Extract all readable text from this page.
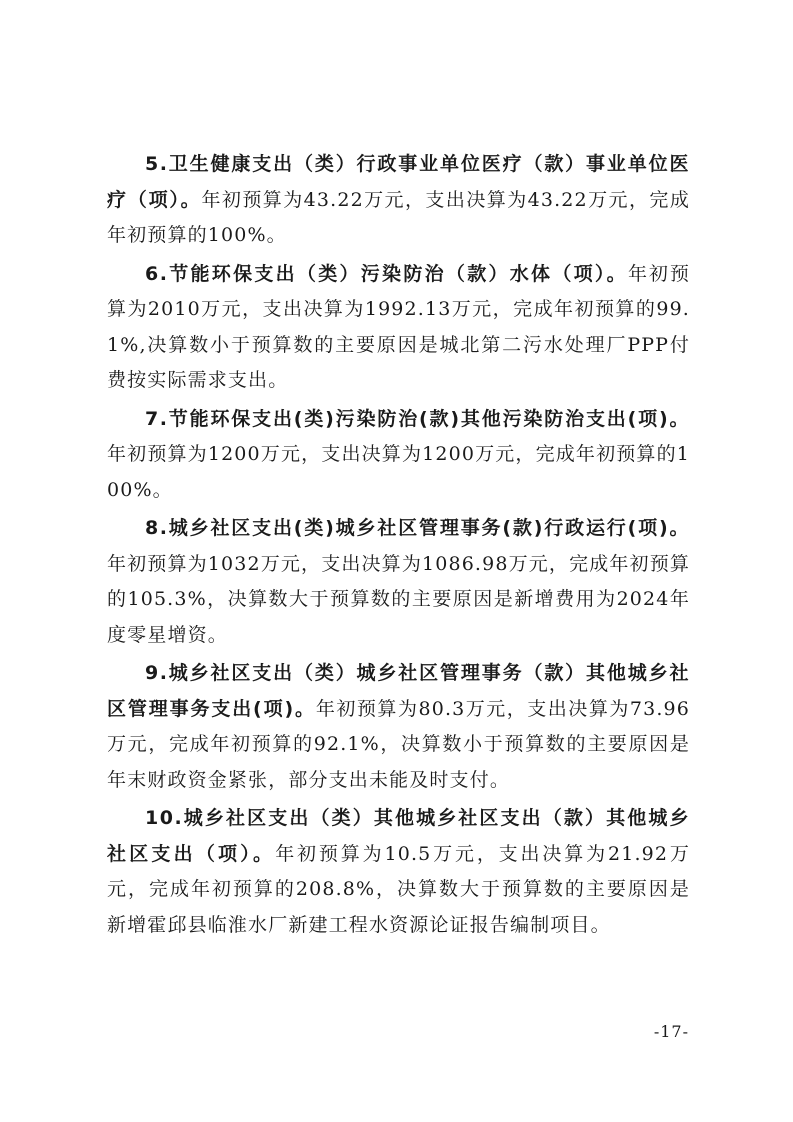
5.卫生健康支出（类）行政事业单位医疗（款）事业单位医疗（项）。年初预算为43.22万元，支出决算为43.22万元，完成年初预算的100%。

6.节能环保支出（类）污染防治（款）水体（项）。年初预算为2010万元，支出决算为1992.13万元，完成年初预算的99.1%,决算数小于预算数的主要原因是城北第二污水处理厂PPP付费按实际需求支出。

7.节能环保支出(类)污染防治(款)其他污染防治支出(项)。年初预算为1200万元，支出决算为1200万元，完成年初预算的100%。

8.城乡社区支出(类)城乡社区管理事务(款)行政运行(项)。年初预算为1032万元，支出决算为1086.98万元，完成年初预算的105.3%，决算数大于预算数的主要原因是新增费用为2024年度零星增资。

9.城乡社区支出（类）城乡社区管理事务（款）其他城乡社区管理事务支出(项)。年初预算为80.3万元，支出决算为73.96万元，完成年初预算的92.1%，决算数小于预算数的主要原因是年末财政资金紧张，部分支出未能及时支付。

10.城乡社区支出（类）其他城乡社区支出（款）其他城乡社区支出（项）。年初预算为10.5万元，支出决算为21.92万元，完成年初预算的208.8%，决算数大于预算数的主要原因是新增霍邱县临淮水厂新建工程水资源论证报告编制项目。

-17-
